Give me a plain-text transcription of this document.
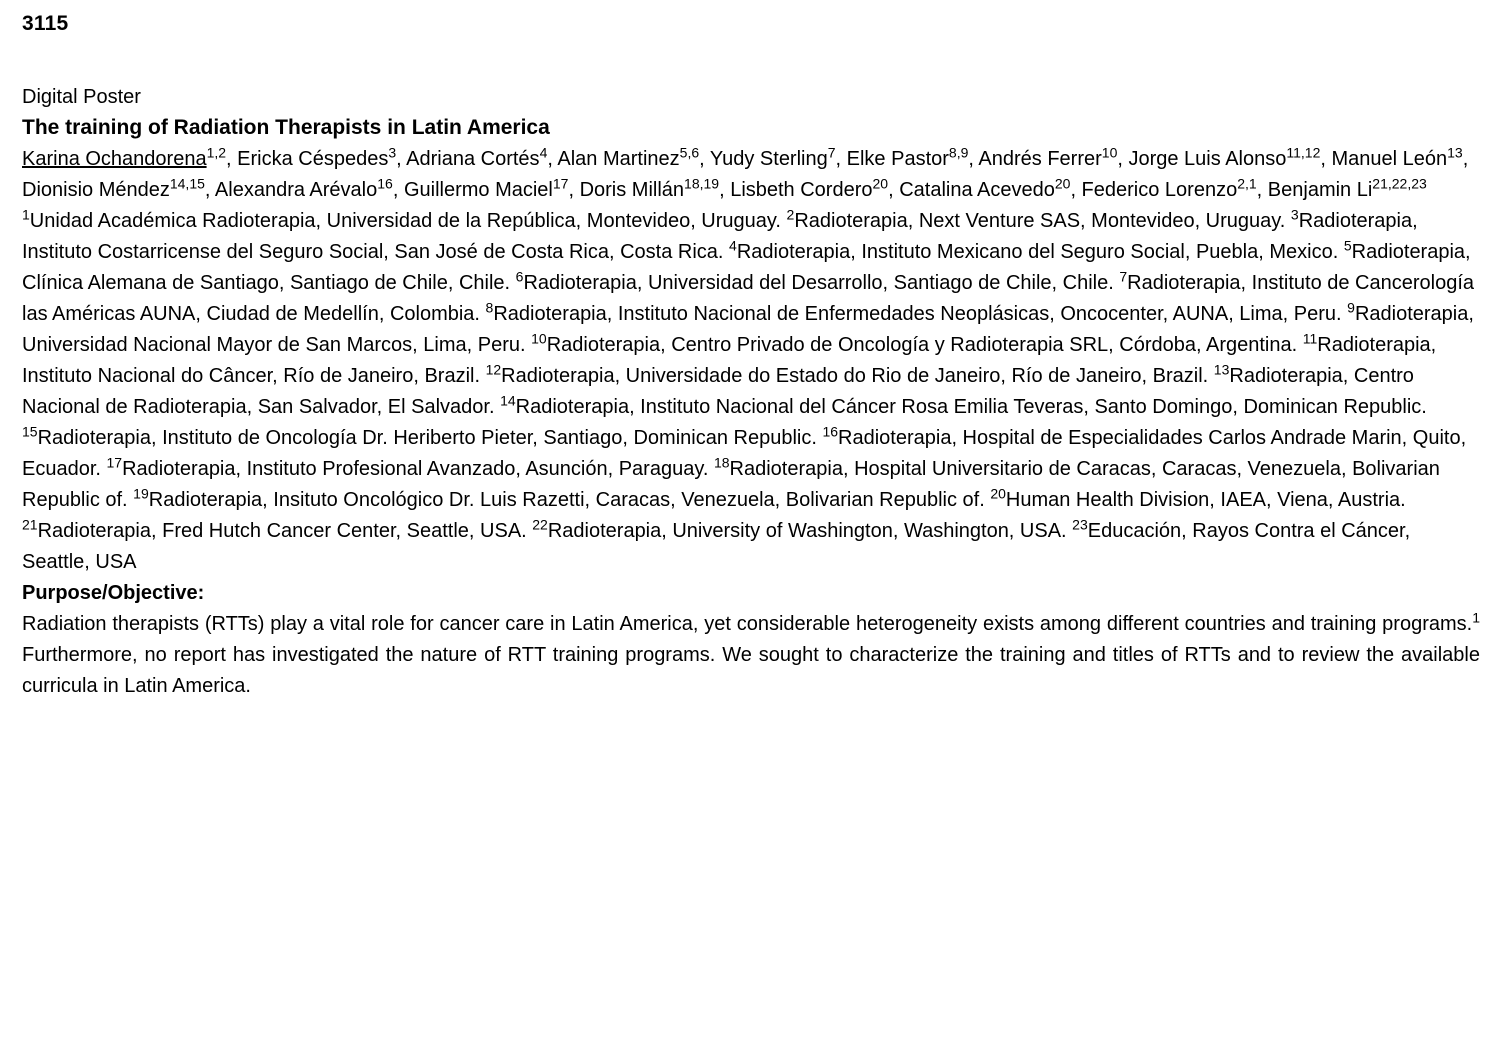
3115
Digital Poster
The training of Radiation Therapists in Latin America
Karina Ochandorena$^{1,2}$, Ericka Céspedes$^3$, Adriana Cortés$^4$, Alan Martinez$^{5,6}$, Yudy Sterling$^7$, Elke Pastor$^{8,9}$, Andrés Ferrer$^{10}$, Jorge Luis Alonso$^{11,12}$, Manuel León$^{13}$, Dionisio Méndez$^{14,15}$, Alexandra Arévalo$^{16}$, Guillermo Maciel$^{17}$, Doris Millán$^{18,19}$, Lisbeth Cordero$^{20}$, Catalina Acevedo$^{20}$, Federico Lorenzo$^{2,1}$, Benjamin Li$^{21,22,23}$
$^1$Unidad Académica Radioterapia, Universidad de la República, Montevideo, Uruguay. $^2$Radioterapia, Next Venture SAS, Montevideo, Uruguay. $^3$Radioterapia, Instituto Costarricense del Seguro Social, San José de Costa Rica, Costa Rica. $^4$Radioterapia, Instituto Mexicano del Seguro Social, Puebla, Mexico. $^5$Radioterapia, Clínica Alemana de Santiago, Santiago de Chile, Chile. $^6$Radioterapia, Universidad del Desarrollo, Santiago de Chile, Chile. $^7$Radioterapia, Instituto de Cancerología las Américas AUNA, Ciudad de Medellín, Colombia. $^8$Radioterapia, Instituto Nacional de Enfermedades Neoplásicas, Oncocenter, AUNA, Lima, Peru. $^9$Radioterapia, Universidad Nacional Mayor de San Marcos, Lima, Peru. $^{10}$Radioterapia, Centro Privado de Oncología y Radioterapia SRL, Córdoba, Argentina. $^{11}$Radioterapia, Instituto Nacional do Câncer, Río de Janeiro, Brazil. $^{12}$Radioterapia, Universidade do Estado do Rio de Janeiro, Río de Janeiro, Brazil. $^{13}$Radioterapia, Centro Nacional de Radioterapia, San Salvador, El Salvador. $^{14}$Radioterapia, Instituto Nacional del Cáncer Rosa Emilia Teveras, Santo Domingo, Dominican Republic. $^{15}$Radioterapia, Instituto de Oncología Dr. Heriberto Pieter, Santiago, Dominican Republic. $^{16}$Radioterapia, Hospital de Especialidades Carlos Andrade Marin, Quito, Ecuador. $^{17}$Radioterapia, Instituto Profesional Avanzado, Asunción, Paraguay. $^{18}$Radioterapia, Hospital Universitario de Caracas, Caracas, Venezuela, Bolivarian Republic of. $^{19}$Radioterapia, Insituto Oncológico Dr. Luis Razetti, Caracas, Venezuela, Bolivarian Republic of. $^{20}$Human Health Division, IAEA, Viena, Austria. $^{21}$Radioterapia, Fred Hutch Cancer Center, Seattle, USA. $^{22}$Radioterapia, University of Washington, Washington, USA. $^{23}$Educación, Rayos Contra el Cáncer, Seattle, USA
Purpose/Objective:
Radiation therapists (RTTs) play a vital role for cancer care in Latin America, yet considerable heterogeneity exists among different countries and training programs.$^1$ Furthermore, no report has investigated the nature of RTT training programs. We sought to characterize the training and titles of RTTs and to review the available curricula in Latin America.
